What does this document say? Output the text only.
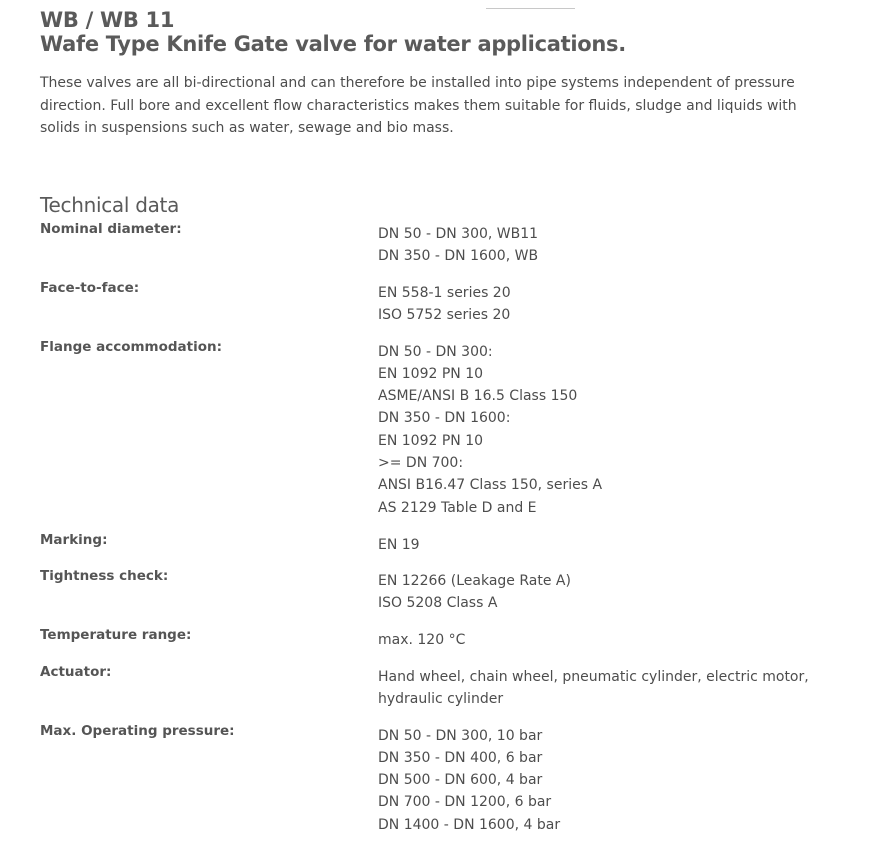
WB / WB 11
Wafe Type Knife Gate valve for water applications.

These valves are all bi-directional and can therefore be installed into pipe systems independent of pressure direction. Full bore and excellent flow characteristics makes them suitable for fluids, sludge and liquids with solids in suspensions such as water, sewage and bio mass.

Technical data
Nominal diameter:	DN 50 - DN 300, WB11
DN 350 - DN 1600, WB
Face-to-face:	EN 558-1 series 20
ISO 5752 series 20
Flange accommodation:	DN 50 - DN 300:
EN 1092 PN 10
ASME/ANSI B 16.5 Class 150
DN 350 - DN 1600:
EN 1092 PN 10
>= DN 700:
ANSI B16.47 Class 150, series A
AS 2129 Table D and E
Marking:	EN 19
Tightness check:	EN 12266 (Leakage Rate A)
ISO 5208 Class A
Temperature range:	max. 120 °C
Actuator:	Hand wheel, chain wheel, pneumatic cylinder, electric motor, hydraulic cylinder
Max. Operating pressure:	DN 50 - DN 300, 10 bar
DN 350 - DN 400, 6 bar
DN 500 - DN 600, 4 bar
DN 700 - DN 1200, 6 bar
DN 1400 - DN 1600, 4 bar
